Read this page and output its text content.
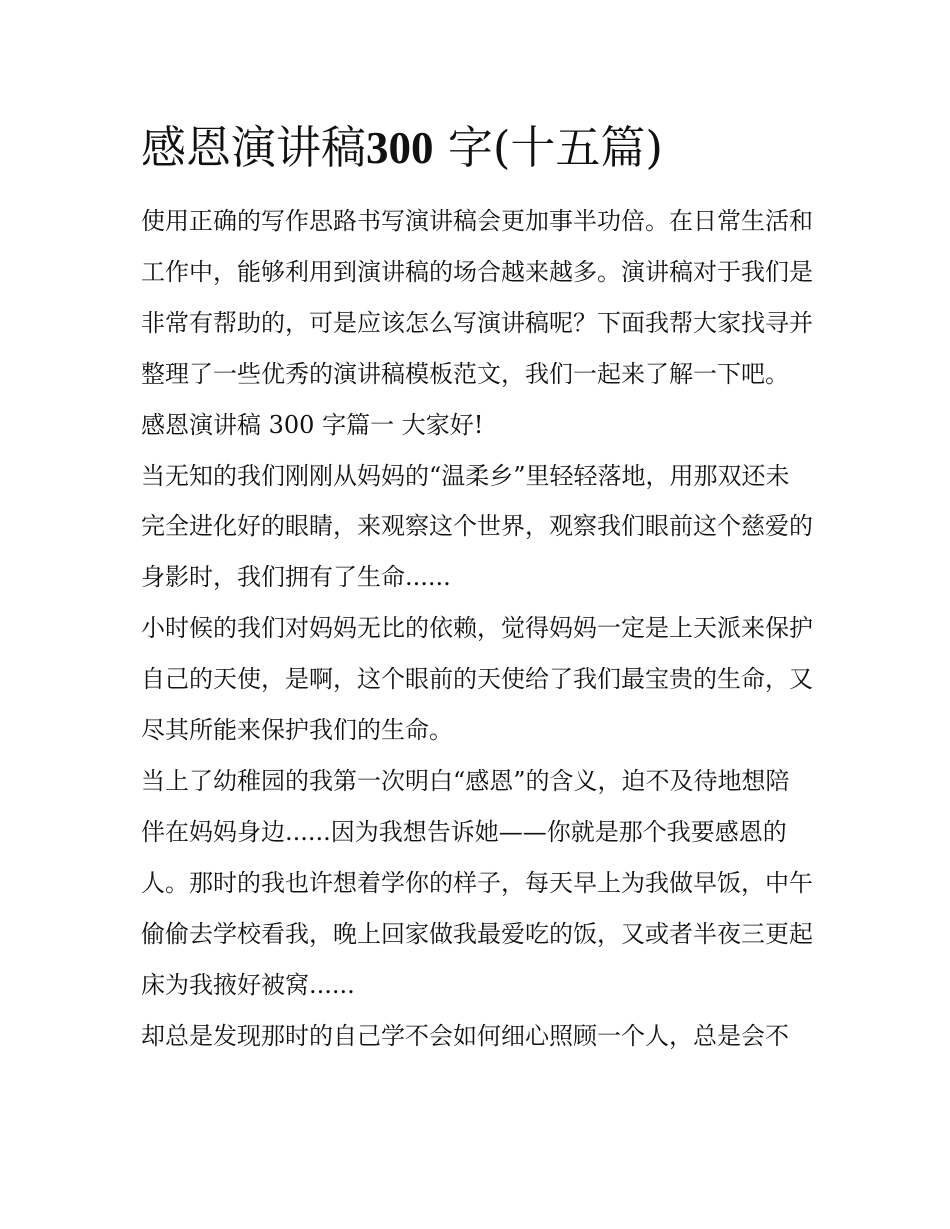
感恩演讲稿300 字(十五篇)

使用正确的写作思路书写演讲稿会更加事半功倍。在日常生活和工作中，能够利用到演讲稿的场合越来越多。演讲稿对于我们是非常有帮助的，可是应该怎么写演讲稿呢？下面我帮大家找寻并整理了一些优秀的演讲稿模板范文，我们一起来了解一下吧。

感恩演讲稿 300 字篇一 大家好!

当无知的我们刚刚从妈妈的“温柔乡”里轻轻落地，用那双还未完全进化好的眼睛，来观察这个世界，观察我们眼前这个慈爱的身影时，我们拥有了生命......

小时候的我们对妈妈无比的依赖，觉得妈妈一定是上天派来保护自己的天使，是啊，这个眼前的天使给了我们最宝贵的生命，又尽其所能来保护我们的生命。

当上了幼稚园的我第一次明白“感恩”的含义，迫不及待地想陪伴在妈妈身边......因为我想告诉她——你就是那个我要感恩的人。那时的我也许想着学你的样子，每天早上为我做早饭，中午偷偷去学校看我，晚上回家做我最爱吃的饭，又或者半夜三更起床为我掖好被窝......

却总是发现那时的自己学不会如何细心照顾一个人，总是会不
